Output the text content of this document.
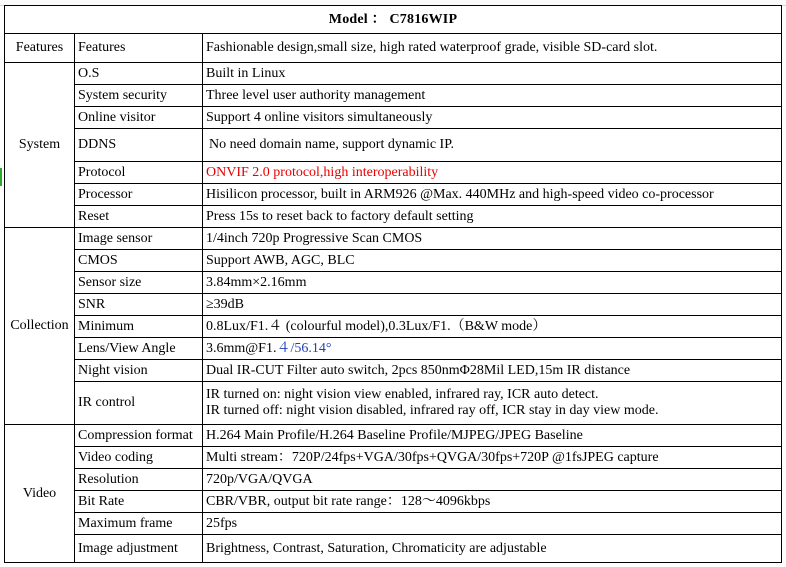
Model ： C7816WIP		
Features	Features	Fashionable design,small size, high rated waterproof grade, visible SD-card slot.
System	O.S	Built in Linux
	System security	Three level user authority management
	Online visitor	Support 4 online visitors simultaneously
	DDNS	No need domain name, support dynamic IP.
	Protocol	ONVIF 2.0 protocol,high interoperability
	Processor	Hisilicon processor, built in ARM926 @Max. 440MHz and high-speed video co-processor
	Reset	Press 15s to reset back to factory default setting
Collection	Image sensor	1/4inch 720p Progressive Scan CMOS
	CMOS	Support AWB, AGC, BLC
	Sensor size	3.84mm×2.16mm
	SNR	≥39dB
	Minimum	0.8Lux/F1.４ (colourful model),0.3Lux/F1.（B&W mode）
	Lens/View Angle	3.6mm@F1.４/56.14°
	Night vision	Dual IR-CUT Filter auto switch, 2pcs 850nmΦ28Mil LED,15m IR distance
	IR control	IR turned on: night vision view enabled, infrared ray, ICR auto detect.
IR turned off: night vision disabled, infrared ray off, ICR stay in day view mode.

Video	Compression format	H.264 Main Profile/H.264 Baseline Profile/MJPEG/JPEG Baseline
	Video coding	Multi stream：720P/24fps+VGA/30fps+QVGA/30fps+720P @1fsJPEG capture
	Resolution	720p/VGA/QVGA
	Bit Rate	CBR/VBR, output bit rate range：128～4096kbps
	Maximum frame	25fps
	Image adjustment	Brightness, Contrast, Saturation, Chromaticity are adjustable
